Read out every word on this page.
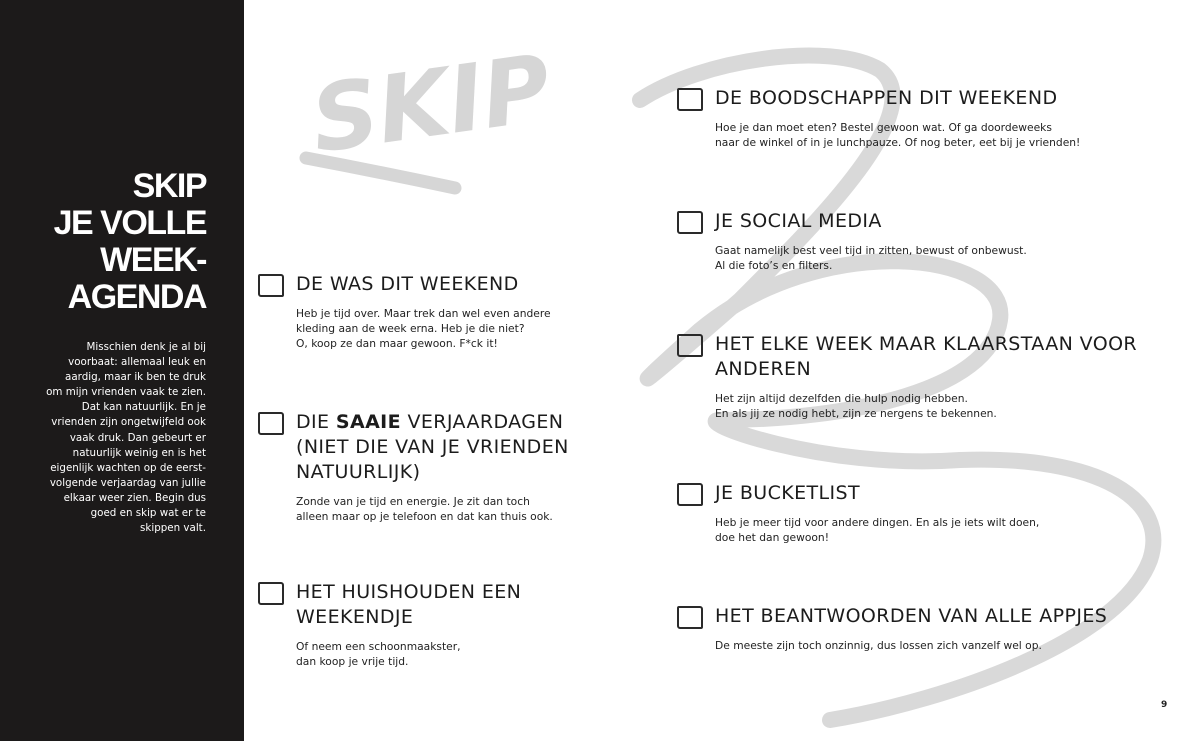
SKIP
JE VOLLE
WEEK-
AGENDA

Misschien denk je al bij
voorbaat: allemaal leuk en
aardig, maar ik ben te druk
om mijn vrienden vaak te zien.
Dat kan natuurlijk. En je
vrienden zijn ongetwijfeld ook
vaak druk. Dan gebeurt er
natuurlijk weinig en is het
eigenlijk wachten op de eerst-
volgende verjaardag van jullie
elkaar weer zien. Begin dus
goed en skip wat er te
skippen valt.

SKIP
DE WAS DIT WEEKEND

Heb je tijd over. Maar trek dan wel even andere
kleding aan de week erna. Heb je die niet?
O, koop ze dan maar gewoon. F*ck it!

DIE SAAIE VERJAARDAGEN (NIET DIE VAN JE VRIENDEN NATUURLIJK)

Zonde van je tijd en energie. Je zit dan toch
alleen maar op je telefoon en dat kan thuis ook.

HET HUISHOUDEN EEN WEEKENDJE

Of neem een schoonmaakster,
dan koop je vrije tijd.

DE BOODSCHAPPEN DIT WEEKEND

Hoe je dan moet eten? Bestel gewoon wat. Of ga doordeweeks
naar de winkel of in je lunchpauze. Of nog beter, eet bij je vrienden!

JE SOCIAL MEDIA

Gaat namelijk best veel tijd in zitten, bewust of onbewust.
Al die foto’s en filters.

HET ELKE WEEK MAAR KLAARSTAAN VOOR ANDEREN

Het zijn altijd dezelfden die hulp nodig hebben.
En als jij ze nodig hebt, zijn ze nergens te bekennen.

JE BUCKETLIST

Heb je meer tijd voor andere dingen. En als je iets wilt doen,
doe het dan gewoon!

HET BEANTWOORDEN VAN ALLE APPJES

De meeste zijn toch onzinnig, dus lossen zich vanzelf wel op.

9
